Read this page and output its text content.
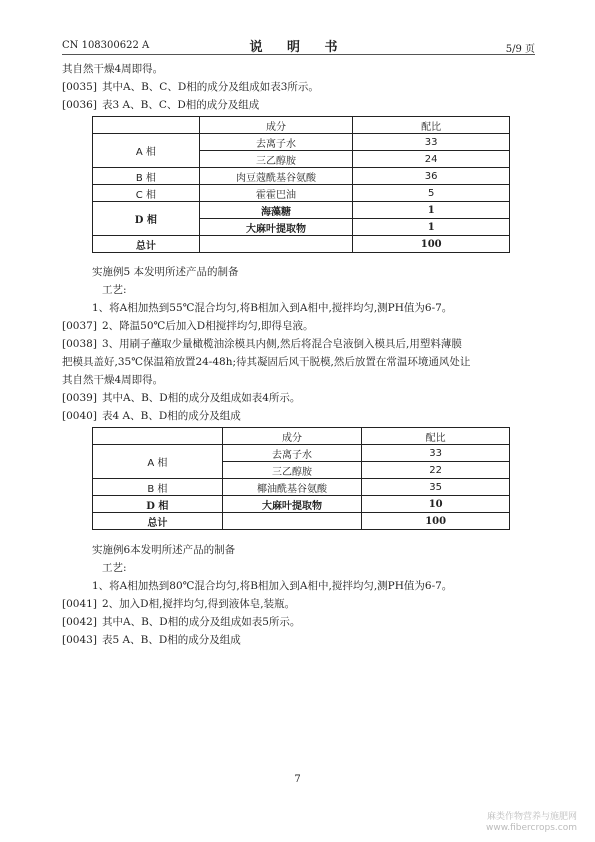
CN 108300622 A	说 明 书	5/9 页
其自然干燥4周即得。
[0035] 其中A、B、C、D相的成分及组成如表3所示。
[0036] 表3 A、B、C、D相的成分及组成
	成分	配比
A 相	去离子水	33
	三乙醇胺	24
B 相	肉豆蔻酰基谷氨酸	36
C 相	霍霍巴油	5
D 相	海藻糖	1
	大麻叶提取物	1
总计		100
实施例5 本发明所述产品的制备
工艺:
1、将A相加热到55℃混合均匀,将B相加入到A相中,搅拌均匀,测PH值为6-7。
[0037] 2、降温50℃后加入D相搅拌均匀,即得皂液。
[0038] 3、用刷子蘸取少量橄榄油涂模具内侧,然后将混合皂液倒入模具后,用塑料薄膜
把模具盖好,35℃保温箱放置24-48h;待其凝固后风干脱模,然后放置在常温环境通风处让
其自然干燥4周即得。
[0039] 其中A、B、D相的成分及组成如表4所示。
[0040] 表4 A、B、D相的成分及组成
	成分	配比
A 相	去离子水	33
	三乙醇胺	22
B 相	椰油酰基谷氨酸	35
D 相	大麻叶提取物	10
总计		100
实施例6本发明所述产品的制备
工艺:
1、将A相加热到80℃混合均匀,将B相加入到A相中,搅拌均匀,测PH值为6-7。
[0041] 2、加入D相,搅拌均匀,得到液体皂,装瓶。
[0042] 其中A、B、D相的成分及组成如表5所示。
[0043] 表5 A、B、D相的成分及组成
7
麻类作物营养与施肥网
www.fibercrops.com
